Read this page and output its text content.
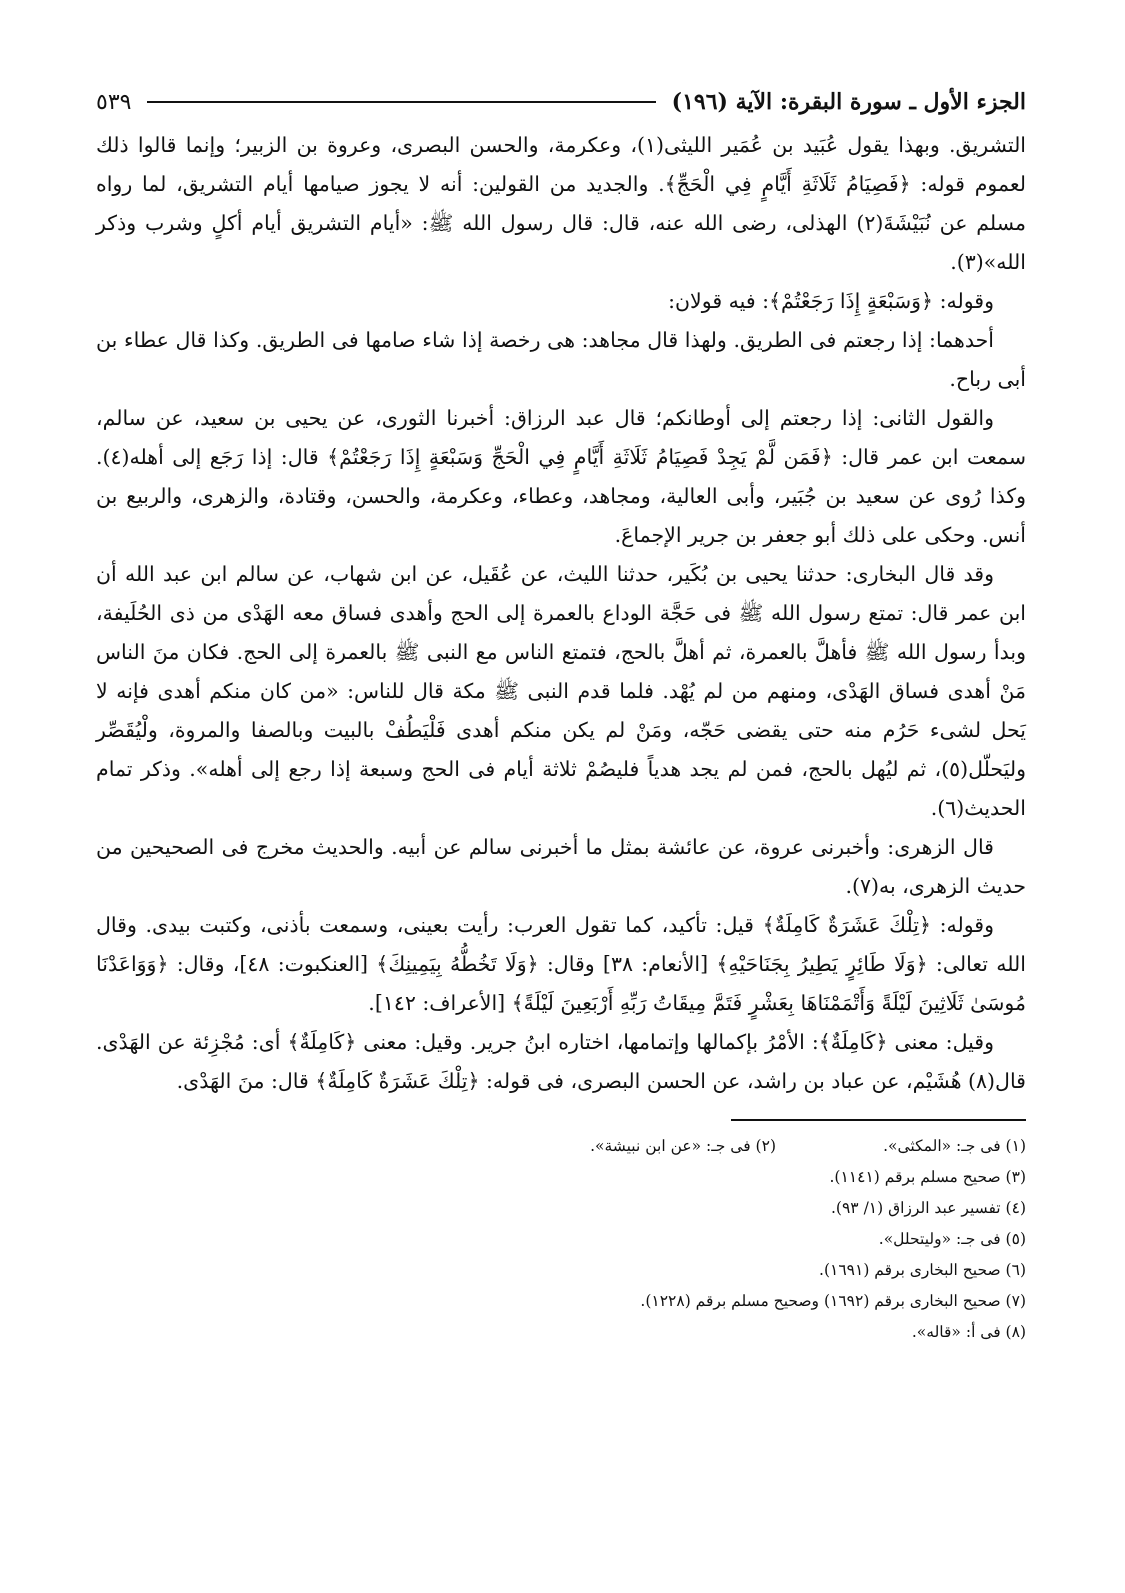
الجزء الأول ـ سورة البقرة: الآية (١٩٦)
٥٣٩

التشريق. وبهذا يقول عُبَيد بن عُمَير الليثى(١)، وعكرمة، والحسن البصرى، وعروة بن الزبير؛ وإنما قالوا ذلك لعموم قوله: ﴿فَصِيَامُ ثَلَاثَةِ أَيَّامٍ فِي الْحَجِّ﴾. والجديد من القولين: أنه لا يجوز صيامها أيام التشريق، لما رواه مسلم عن نُبَيْشَةَ(٢) الهذلى، رضى الله عنه، قال: قال رسول الله ﷺ: «أيام التشريق أيام أكلٍ وشرب وذكر الله»(٣).

وقوله: ﴿وَسَبْعَةٍ إِذَا رَجَعْتُمْ﴾: فيه قولان:

أحدهما: إذا رجعتم فى الطريق. ولهذا قال مجاهد: هى رخصة إذا شاء صامها فى الطريق. وكذا قال عطاء بن أبى رباح.

والقول الثانى: إذا رجعتم إلى أوطانكم؛ قال عبد الرزاق: أخبرنا الثورى، عن يحيى بن سعيد، عن سالم، سمعت ابن عمر قال: ﴿فَمَن لَّمْ يَجِدْ فَصِيَامُ ثَلَاثَةِ أَيَّامٍ فِي الْحَجِّ وَسَبْعَةٍ إِذَا رَجَعْتُمْ﴾ قال: إذا رَجَع إلى أهله(٤). وكذا رُوى عن سعيد بن جُبَير، وأبى العالية، ومجاهد، وعطاء، وعكرمة، والحسن، وقتادة، والزهرى، والربيع بن أنس. وحكى على ذلك أبو جعفر بن جرير الإجماعَ.

وقد قال البخارى: حدثنا يحيى بن بُكَير، حدثنا الليث، عن عُقَيل، عن ابن شهاب، عن سالم ابن عبد الله أن ابن عمر قال: تمتع رسول الله ﷺ فى حَجَّة الوداع بالعمرة إلى الحج وأهدى فساق معه الهَدْى من ذى الحُلَيفة، وبدأ رسول الله ﷺ فأهلَّ بالعمرة، ثم أهلَّ بالحج، فتمتع الناس مع النبى ﷺ بالعمرة إلى الحج. فكان منَ الناس مَنْ أهدى فساق الهَدْى، ومنهم من لم يُهْد. فلما قدم النبى ﷺ مكة قال للناس: «من كان منكم أهدى فإنه لا يَحل لشىء حَرُم منه حتى يقضى حَجّه، ومَنْ لم يكن منكم أهدى فَلْيَطُفْ بالبيت وبالصفا والمروة، ولْيُقَصِّر وليَحلّل(٥)، ثم ليُهل بالحج، فمن لم يجد هدياً فليصُمْ ثلاثة أيام فى الحج وسبعة إذا رجع إلى أهله». وذكر تمام الحديث(٦).

قال الزهرى: وأخبرنى عروة، عن عائشة بمثل ما أخبرنى سالم عن أبيه. والحديث مخرج فى الصحيحين من حديث الزهرى، به(٧).

وقوله: ﴿تِلْكَ عَشَرَةٌ كَامِلَةٌ﴾ قيل: تأكيد، كما تقول العرب: رأيت بعينى، وسمعت بأذنى، وكتبت بيدى. وقال الله تعالى: ﴿وَلَا طَائِرٍ يَطِيرُ بِجَنَاحَيْهِ﴾ [الأنعام: ٣٨] وقال: ﴿وَلَا تَخُطُّهُ بِيَمِينِكَ﴾ [العنكبوت: ٤٨]، وقال: ﴿وَوَاعَدْنَا مُوسَىٰ ثَلَاثِينَ لَيْلَةً وَأَتْمَمْنَاهَا بِعَشْرٍ فَتَمَّ مِيقَاتُ رَبِّهِ أَرْبَعِينَ لَيْلَةً﴾ [الأعراف: ١٤٢].

وقيل: معنى ﴿كَامِلَةٌ﴾: الأمْرُ بإكمالها وإتمامها، اختاره ابنُ جرير. وقيل: معنى ﴿كَامِلَةٌ﴾ أى: مُجْزِئة عن الهَدْى. قال(٨) هُشَيْم، عن عباد بن راشد، عن الحسن البصرى، فى قوله: ﴿تِلْكَ عَشَرَةٌ كَامِلَةٌ﴾ قال: منَ الهَدْى.

(١) فى جـ: «المكثى».
(٢) فى جـ: «عن ابن نبيشة».
(٣) صحيح مسلم برقم (١١٤١).
(٤) تفسير عبد الرزاق (١/ ٩٣).
(٥) فى جـ: «وليتحلل».
(٦) صحيح البخارى برقم (١٦٩١).
(٧) صحيح البخارى برقم (١٦٩٢) وصحيح مسلم برقم (١٢٢٨).
(٨) فى أ: «قاله».
